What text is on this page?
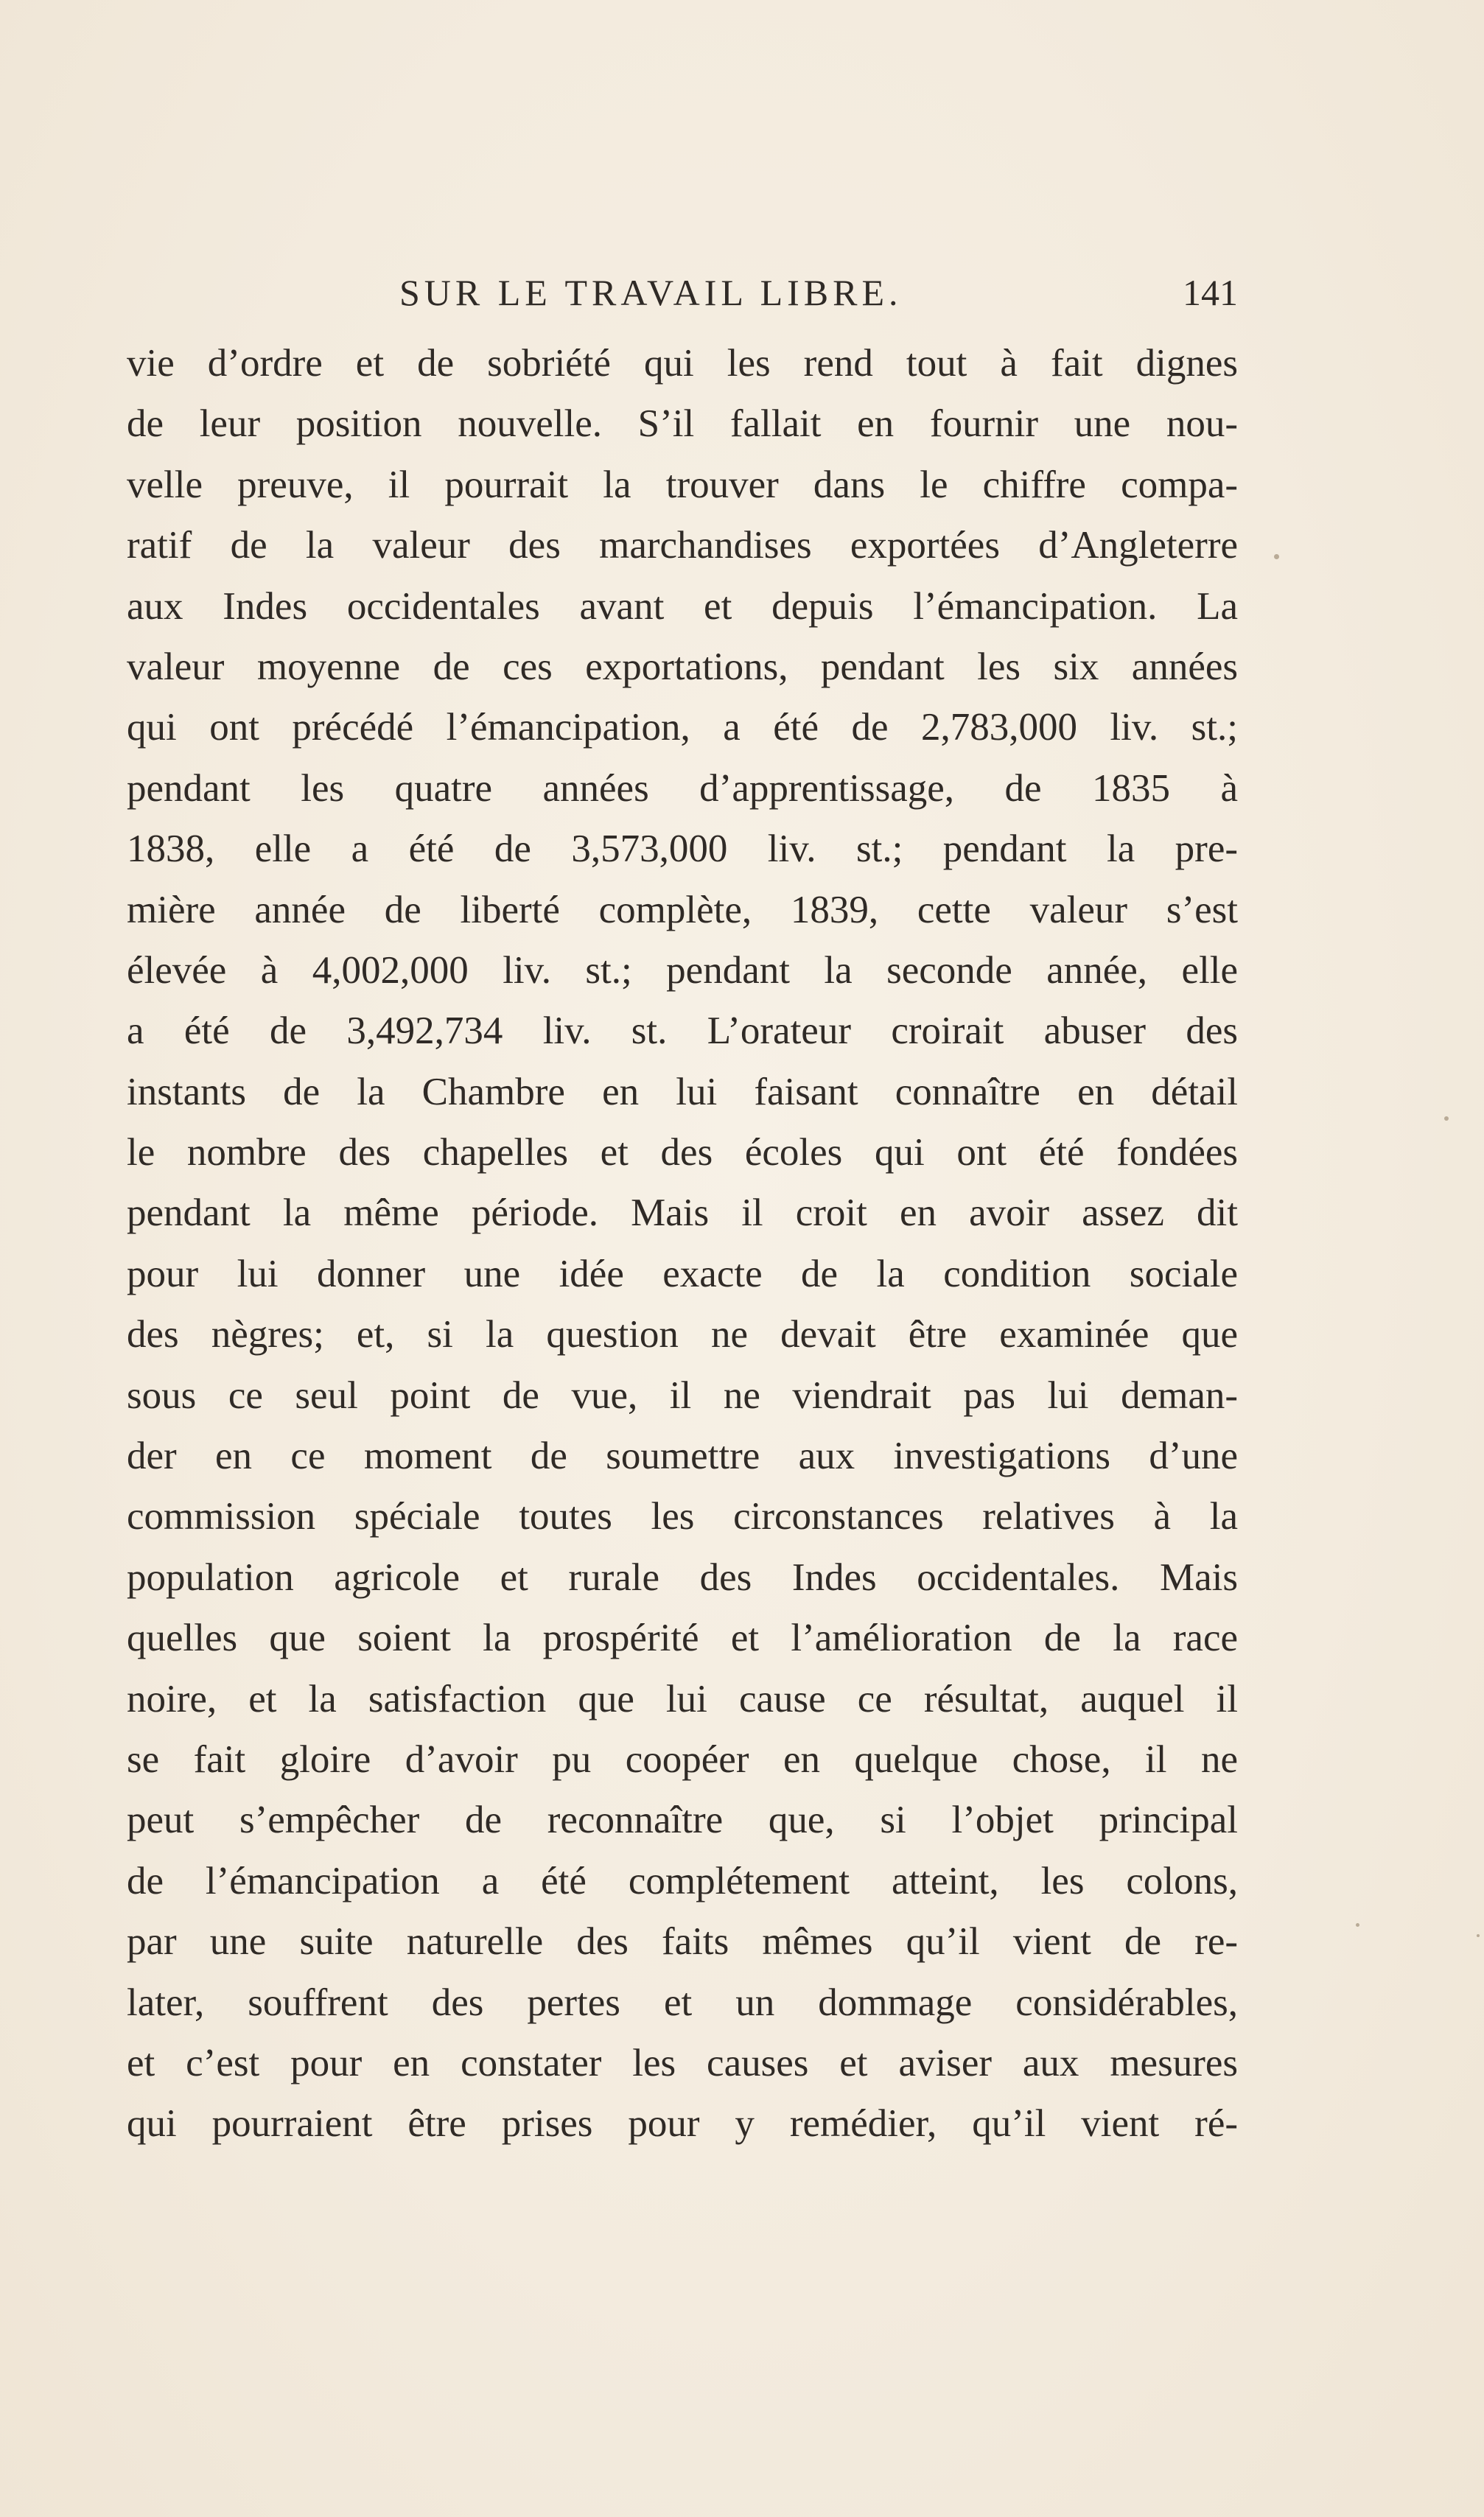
SUR LE TRAVAIL LIBRE.	141
vie d’ordre et de sobriété qui les rend tout à fait dignes
de leur position nouvelle. S’il fallait en fournir une nou-
velle preuve, il pourrait la trouver dans le chiffre compa-
ratif de la valeur des marchandises exportées d’Angleterre
aux Indes occidentales avant et depuis l’émancipation. La
valeur moyenne de ces exportations, pendant les six années
qui ont précédé l’émancipation, a été de 2,783,000 liv. st.;
pendant les quatre années d’apprentissage, de 1835 à
1838, elle a été de 3,573,000 liv. st.; pendant la pre-
mière année de liberté complète, 1839, cette valeur s’est
élevée à 4,002,000 liv. st.; pendant la seconde année, elle
a été de 3,492,734 liv. st. L’orateur croirait abuser des
instants de la Chambre en lui faisant connaître en détail
le nombre des chapelles et des écoles qui ont été fondées
pendant la même période. Mais il croit en avoir assez dit
pour lui donner une idée exacte de la condition sociale
des nègres; et, si la question ne devait être examinée que
sous ce seul point de vue, il ne viendrait pas lui deman-
der en ce moment de soumettre aux investigations d’une
commission spéciale toutes les circonstances relatives à la
population agricole et rurale des Indes occidentales. Mais
quelles que soient la prospérité et l’amélioration de la race
noire, et la satisfaction que lui cause ce résultat, auquel il
se fait gloire d’avoir pu coopéer en quelque chose, il ne
peut s’empêcher de reconnaître que, si l’objet principal
de l’émancipation a été complétement atteint, les colons,
par une suite naturelle des faits mêmes qu’il vient de re-
later, souffrent des pertes et un dommage considérables,
et c’est pour en constater les causes et aviser aux mesures
qui pourraient être prises pour y remédier, qu’il vient ré-
